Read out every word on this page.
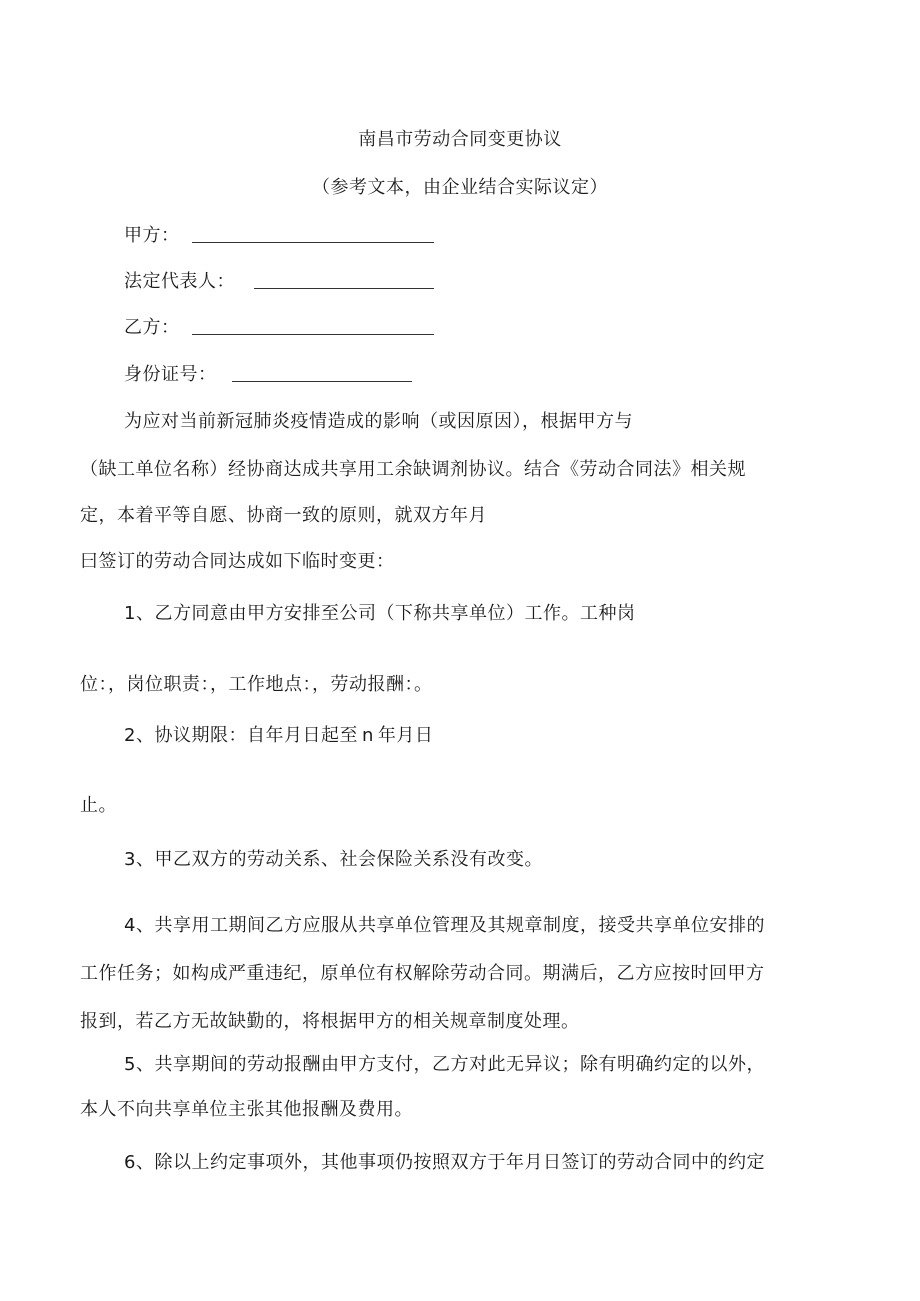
南昌市劳动合同变更协议
（参考文本，由企业结合实际议定）
甲方：
法定代表人：
乙方：
身份证号：
为应对当前新冠肺炎疫情造成的影响（或因原因），根据甲方与
（缺工单位名称）经协商达成共享用工余缺调剂协议。结合《劳动合同法》相关规
定，本着平等自愿、协商一致的原则，就双方年月
曰签订的劳动合同达成如下临时变更：
1、乙方同意由甲方安排至公司（下称共享单位）工作。工种岗
位：，岗位职责：，工作地点：，劳动报酬：。
2、协议期限：自年月日起至 n 年月日
止。
3、甲乙双方的劳动关系、社会保险关系没有改变。
4、共享用工期间乙方应服从共享单位管理及其规章制度，接受共享单位安排的
工作任务；如构成严重违纪，原单位有权解除劳动合同。期满后，乙方应按时回甲方
报到，若乙方无故缺勤的，将根据甲方的相关规章制度处理。
5、共享期间的劳动报酬由甲方支付，乙方对此无异议；除有明确约定的以外，
本人不向共享单位主张其他报酬及费用。
6、除以上约定事项外，其他事项仍按照双方于年月日签订的劳动合同中的约定
